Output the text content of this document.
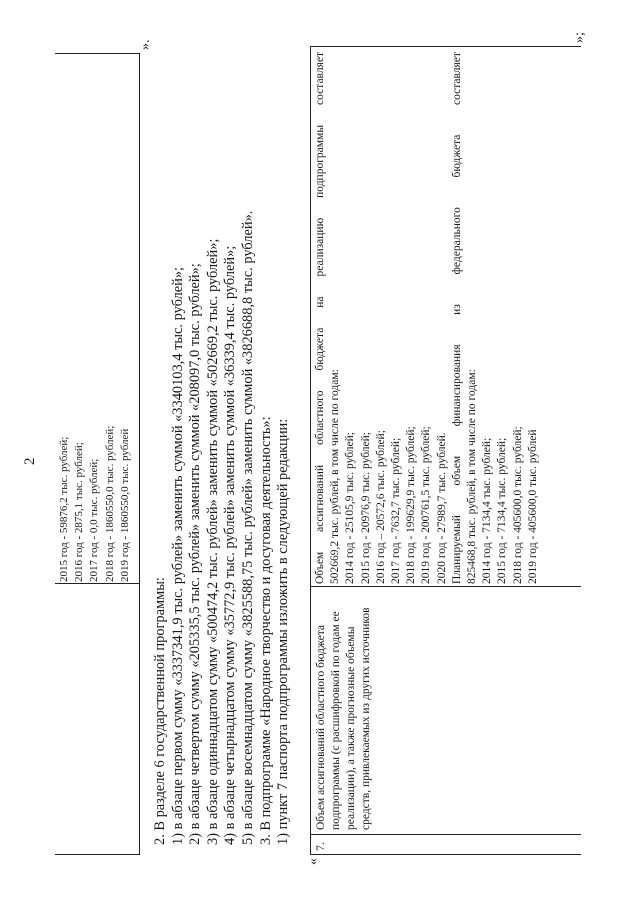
2 2015 год - 59876,2 тыс. рублей; 2016 год - 2875,1 тыс. рублей; 2017 год - 0,0 тыс. рублей; 2018 год - 1860550,0 тыс. рублей; 2019 год - 1860550,0 тыс. рублей
».
2. В разделе 6 государственной программы: 1) в абзаце первом сумму «3337341,9 тыс. рублей» заменить суммой «3340103,4 тыс. рублей»; 2) в абзаце четвертом сумму «205335,5 тыс. рублей» заменить суммой «208097,0 тыс. рублей»; 3) в абзаце одиннадцатом сумму «500474,2 тыс. рублей» заменить суммой «502669,2 тыс. рублей»; 4) в абзаце четырнадцатом сумму «35772,9 тыс. рублей» заменить суммой «36339,4 тыс. рублей»; 5) в абзаце восемнадцатом сумму «3825588,75 тыс. рублей» заменить суммой «3826688,8 тыс. рублей». 3. В подпрограмме «Народное творчество и досуговая деятельность»: 1) пункт 7 паспорта подпрограммы изложить в следующей редакции:
«
7.
Объем ассигнований областного бюджета подпрограммы (с расшифровкой по годам ее реализации), а также прогнозные объемы средств, привлекаемых из других источников
Объем
ассигнований
областного
бюджета
на
реализацию
подпрограммы
составляет
502669,2 тыс. рублей, в том числе по годам: 2014 год - 25105,9 тыс. рублей; 2015 год - 20976,9 тыс. рублей; 2016 год – 20572,6 тыс. рублей; 2017 год - 7632,7 тыс. рублей; 2018 год - 199629,9 тыс. рублей; 2019 год - 200761,5 тыс. рублей; 2020 год - 27989,7 тыс. рублей. Планируемый
объем
финансирования
из
федерального
бюджета
составляет
825468,8 тыс. рублей, в том числе по годам: 2014 год - 7134,4 тыс. рублей; 2015 год - 7134,4 тыс. рублей; 2018 год - 405600,0 тыс. рублей; 2019 год - 405600,0 тыс. рублей
»;
